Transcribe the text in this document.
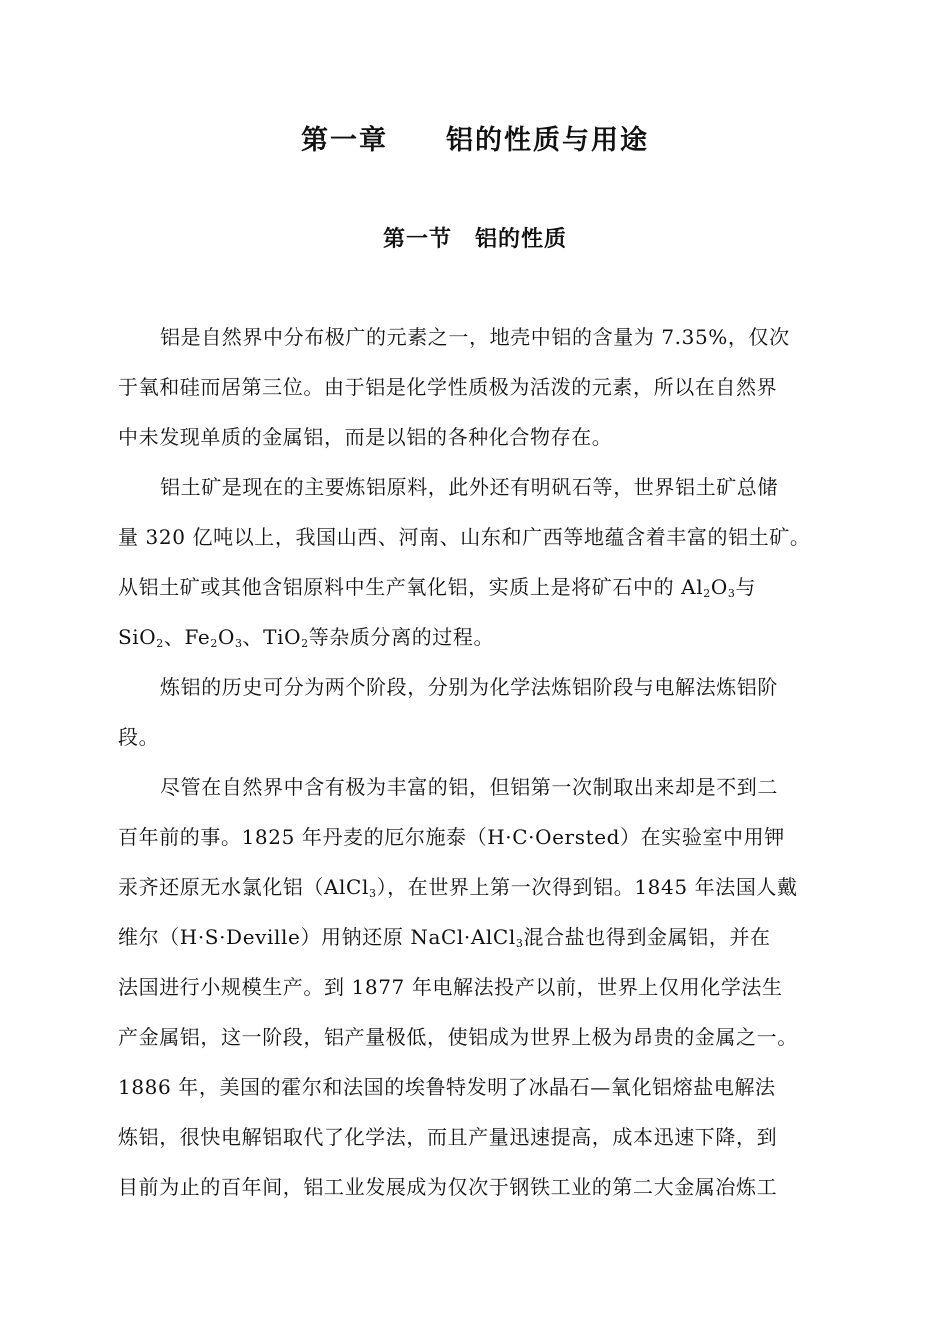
第一章　　铝的性质与用途
第一节　铝的性质
铝是自然界中分布极广的元素之一，地壳中铝的含量为 7.35%，仅次
于氧和硅而居第三位。由于铝是化学性质极为活泼的元素，所以在自然界
中未发现单质的金属铝，而是以铝的各种化合物存在。
铝土矿是现在的主要炼铝原料，此外还有明矾石等，世界铝土矿总储
量 320 亿吨以上，我国山西、河南、山东和广西等地蕴含着丰富的铝土矿。
从铝土矿或其他含铝原料中生产氧化铝，实质上是将矿石中的 $Al_2O_3$与
SiO$_2$、$Fe_2O_3$、TiO$_2$等杂质分离的过程。
炼铝的历史可分为两个阶段，分别为化学法炼铝阶段与电解法炼铝阶
段。
尽管在自然界中含有极为丰富的铝，但铝第一次制取出来却是不到二
百年前的事。1825 年丹麦的厄尔施泰（H·C·Oersted）在实验室中用钾
汞齐还原无水氯化铝（AlCl$_3$），在世界上第一次得到铝。1845 年法国人戴
维尔（H·S·Deville）用钠还原 NaCl·AlCl$_3$混合盐也得到金属铝，并在
法国进行小规模生产。到 1877 年电解法投产以前，世界上仅用化学法生
产金属铝，这一阶段，铝产量极低，使铝成为世界上极为昂贵的金属之一。
1886 年，美国的霍尔和法国的埃鲁特发明了冰晶石—氧化铝熔盐电解法
炼铝，很快电解铝取代了化学法，而且产量迅速提高，成本迅速下降，到
目前为止的百年间，铝工业发展成为仅次于钢铁工业的第二大金属冶炼工
